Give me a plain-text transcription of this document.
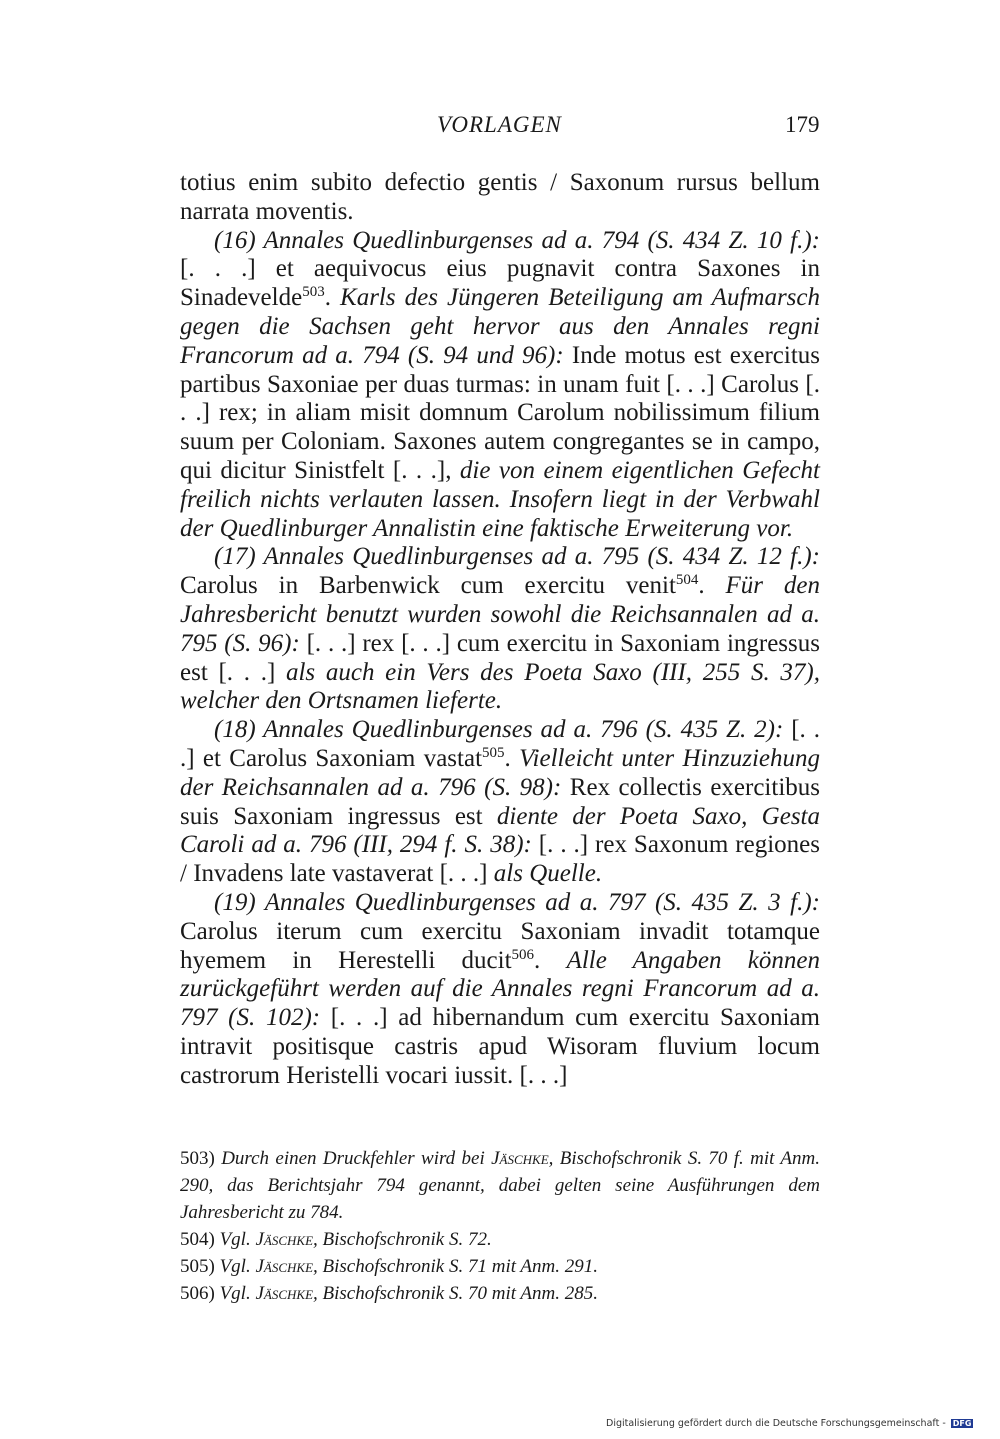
VORLAGEN	179

totius enim subito defectio gentis / Saxonum rursus bellum narrata moventis.

(16) Annales Quedlinburgenses ad a. 794 (S. 434 Z. 10 f.): [. . .] et aequivocus eius pugnavit contra Saxones in Sinadevelde$^{503}$. Karls des Jüngeren Beteiligung am Aufmarsch gegen die Sachsen geht hervor aus den Annales regni Francorum ad a. 794 (S. 94 und 96): Inde motus est exercitus partibus Saxoniae per duas turmas: in unam fuit [. . .] Carolus [. . .] rex; in aliam misit domnum Carolum nobilissimum filium suum per Coloniam. Saxones autem congregantes se in campo, qui dicitur Sinistfelt [. . .], die von einem eigentlichen Gefecht freilich nichts verlauten lassen. Insofern liegt in der Verbwahl der Quedlinburger Annalistin eine faktische Erweiterung vor.

(17) Annales Quedlinburgenses ad a. 795 (S. 434 Z. 12 f.): Carolus in Barbenwick cum exercitu venit$^{504}$. Für den Jahresbericht benutzt wurden sowohl die Reichsannalen ad a. 795 (S. 96): [. . .] rex [. . .] cum exercitu in Saxoniam ingressus est [. . .] als auch ein Vers des Poeta Saxo (III, 255 S. 37), welcher den Ortsnamen lieferte.

(18) Annales Quedlinburgenses ad a. 796 (S. 435 Z. 2): [. . .] et Carolus Saxoniam vastat$^{505}$. Vielleicht unter Hinzuziehung der Reichsannalen ad a. 796 (S. 98): Rex collectis exercitibus suis Saxoniam ingressus est diente der Poeta Saxo, Gesta Caroli ad a. 796 (III, 294 f. S. 38): [. . .] rex Saxonum regiones / Invadens late vastaverat [. . .] als Quelle.

(19) Annales Quedlinburgenses ad a. 797 (S. 435 Z. 3 f.): Carolus iterum cum exercitu Saxoniam invadit totamque hyemem in Herestelli ducit$^{506}$. Alle Angaben können zurückgeführt werden auf die Annales regni Francorum ad a. 797 (S. 102): [. . .] ad hibernandum cum exercitu Saxoniam intravit positisque castris apud Wisoram fluvium locum castrorum Heristelli vocari iussit. [. . .]

503) Durch einen Druckfehler wird bei Jäschke, Bischofschronik S. 70 f. mit Anm. 290, das Berichtsjahr 794 genannt, dabei gelten seine Ausführungen dem Jahresbericht zu 784.

504) Vgl. Jäschke, Bischofschronik S. 72.

505) Vgl. Jäschke, Bischofschronik S. 71 mit Anm. 291.

506) Vgl. Jäschke, Bischofschronik S. 70 mit Anm. 285.

Digitalisierung gefördert durch die Deutsche Forschungsgemeinschaft - DFG
